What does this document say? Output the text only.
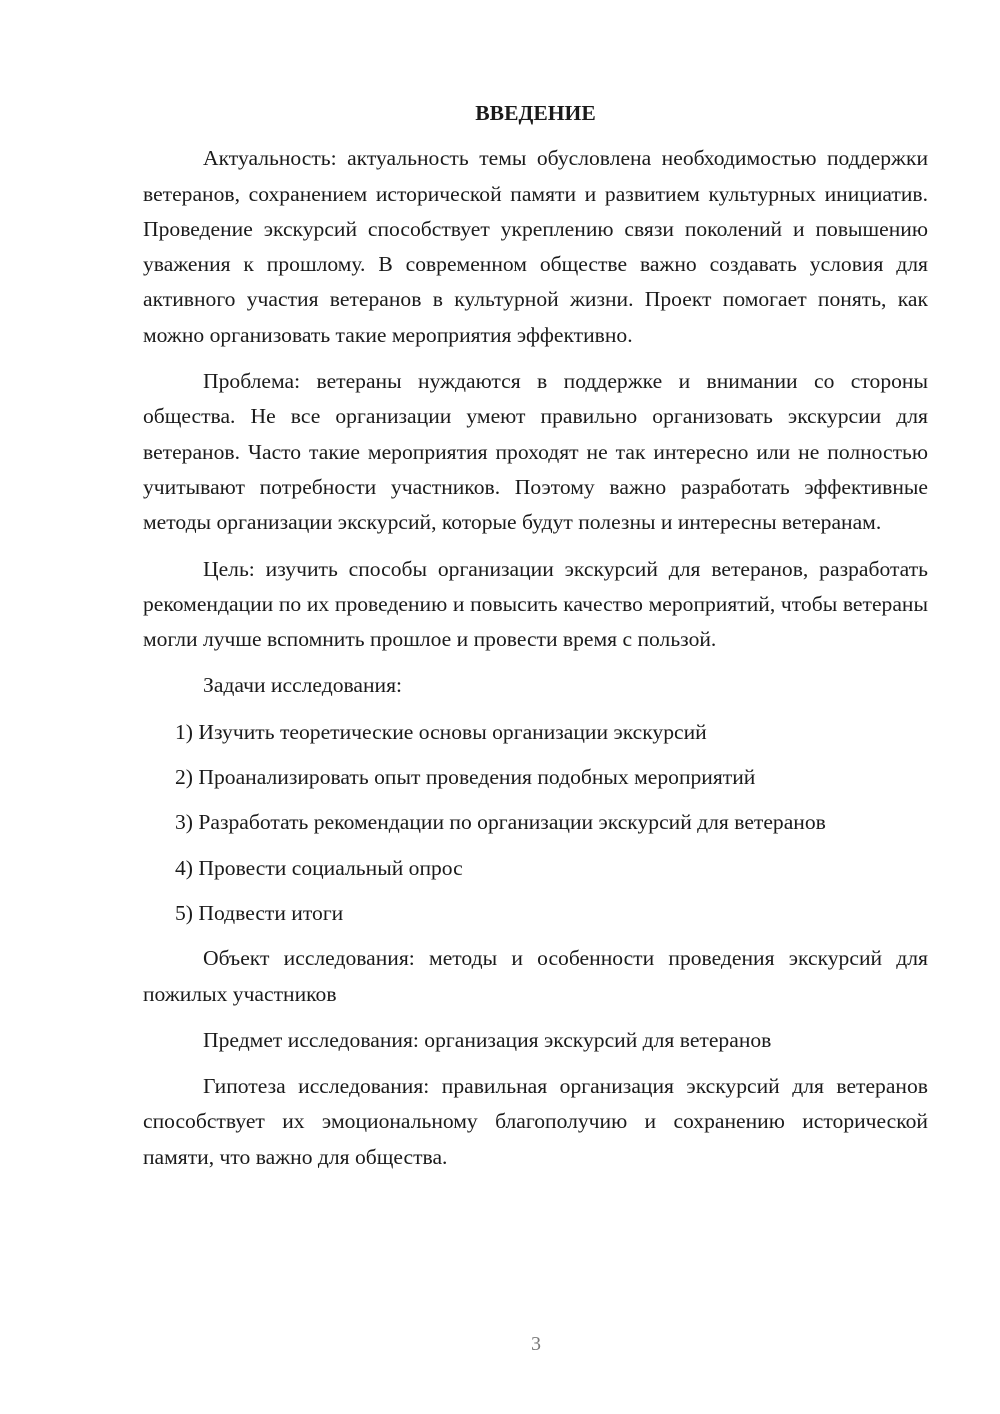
ВВЕДЕНИЕ
Актуальность: актуальность темы обусловлена необходимостью поддержки ветеранов, сохранением исторической памяти и развитием культурных инициатив. Проведение экскурсий способствует укреплению связи поколений и повышению уважения к прошлому. В современном обществе важно создавать условия для активного участия ветеранов в культурной жизни. Проект помогает понять, как можно организовать такие мероприятия эффективно.
Проблема: ветераны нуждаются в поддержке и внимании со стороны общества. Не все организации умеют правильно организовать экскурсии для ветеранов. Часто такие мероприятия проходят не так интересно или не полностью учитывают потребности участников. Поэтому важно разработать эффективные методы организации экскурсий, которые будут полезны и интересны ветеранам.
Цель: изучить способы организации экскурсий для ветеранов, разработать рекомендации по их проведению и повысить качество мероприятий, чтобы ветераны могли лучше вспомнить прошлое и провести время с пользой.
Задачи исследования:
1) Изучить теоретические основы организации экскурсий
2) Проанализировать опыт проведения подобных мероприятий
3) Разработать рекомендации по организации экскурсий для ветеранов
4) Провести социальный опрос
5) Подвести итоги
Объект исследования: методы и особенности проведения экскурсий для пожилых участников
Предмет исследования: организация экскурсий для ветеранов
Гипотеза исследования: правильная организация экскурсий для ветеранов способствует их эмоциональному благополучию и сохранению исторической памяти, что важно для общества.
3
